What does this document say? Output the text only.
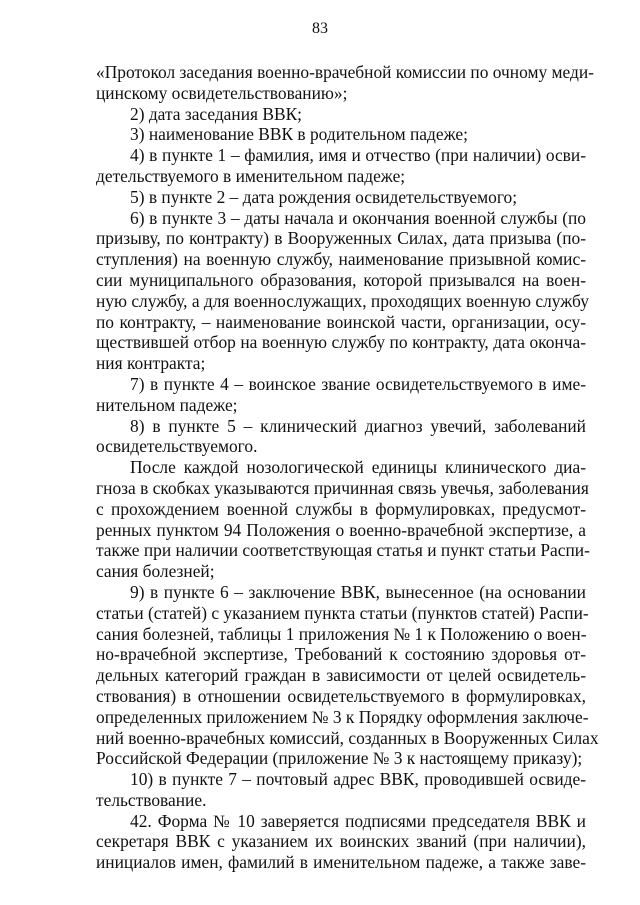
83
«Протокол заседания военно-врачебной комиссии по очному меди-
цинскому освидетельствованию»;
2) дата заседания ВВК;
3) наименование ВВК в родительном падеже;
4) в пункте 1 – фамилия, имя и отчество (при наличии) осви-
детельствуемого в именительном падеже;
5) в пункте 2 – дата рождения освидетельствуемого;
6) в пункте 3 – даты начала и окончания военной службы (по
призыву, по контракту) в Вооруженных Силах, дата призыва (по-
ступления) на военную службу, наименование призывной комис-
сии муниципального образования, которой призывался на воен-
ную службу, а для военнослужащих, проходящих военную службу
по контракту, – наименование воинской части, организации, осу-
ществившей отбор на военную службу по контракту, дата оконча-
ния контракта;
7) в пункте 4 – воинское звание освидетельствуемого в име-
нительном падеже;
8) в пункте 5 – клинический диагноз увечий, заболеваний
освидетельствуемого.
После каждой нозологической единицы клинического диа-
гноза в скобках указываются причинная связь увечья, заболевания
с прохождением военной службы в формулировках, предусмот-
ренных пунктом 94 Положения о военно-врачебной экспертизе, а
также при наличии соответствующая статья и пункт статьи Распи-
сания болезней;
9) в пункте 6 – заключение ВВК, вынесенное (на основании
статьи (статей) с указанием пункта статьи (пунктов статей) Распи-
сания болезней, таблицы 1 приложения № 1 к Положению о воен-
но-врачебной экспертизе, Требований к состоянию здоровья от-
дельных категорий граждан в зависимости от целей освидетель-
ствования) в отношении освидетельствуемого в формулировках,
определенных приложением № 3 к Порядку оформления заключе-
ний военно-врачебных комиссий, созданных в Вооруженных Силах
Российской Федерации (приложение № 3 к настоящему приказу);
10) в пункте 7 – почтовый адрес ВВК, проводившей освиде-
тельствование.
42. Форма № 10 заверяется подписями председателя ВВК и
секретаря ВВК с указанием их воинских званий (при наличии),
инициалов имен, фамилий в именительном падеже, а также заве-
